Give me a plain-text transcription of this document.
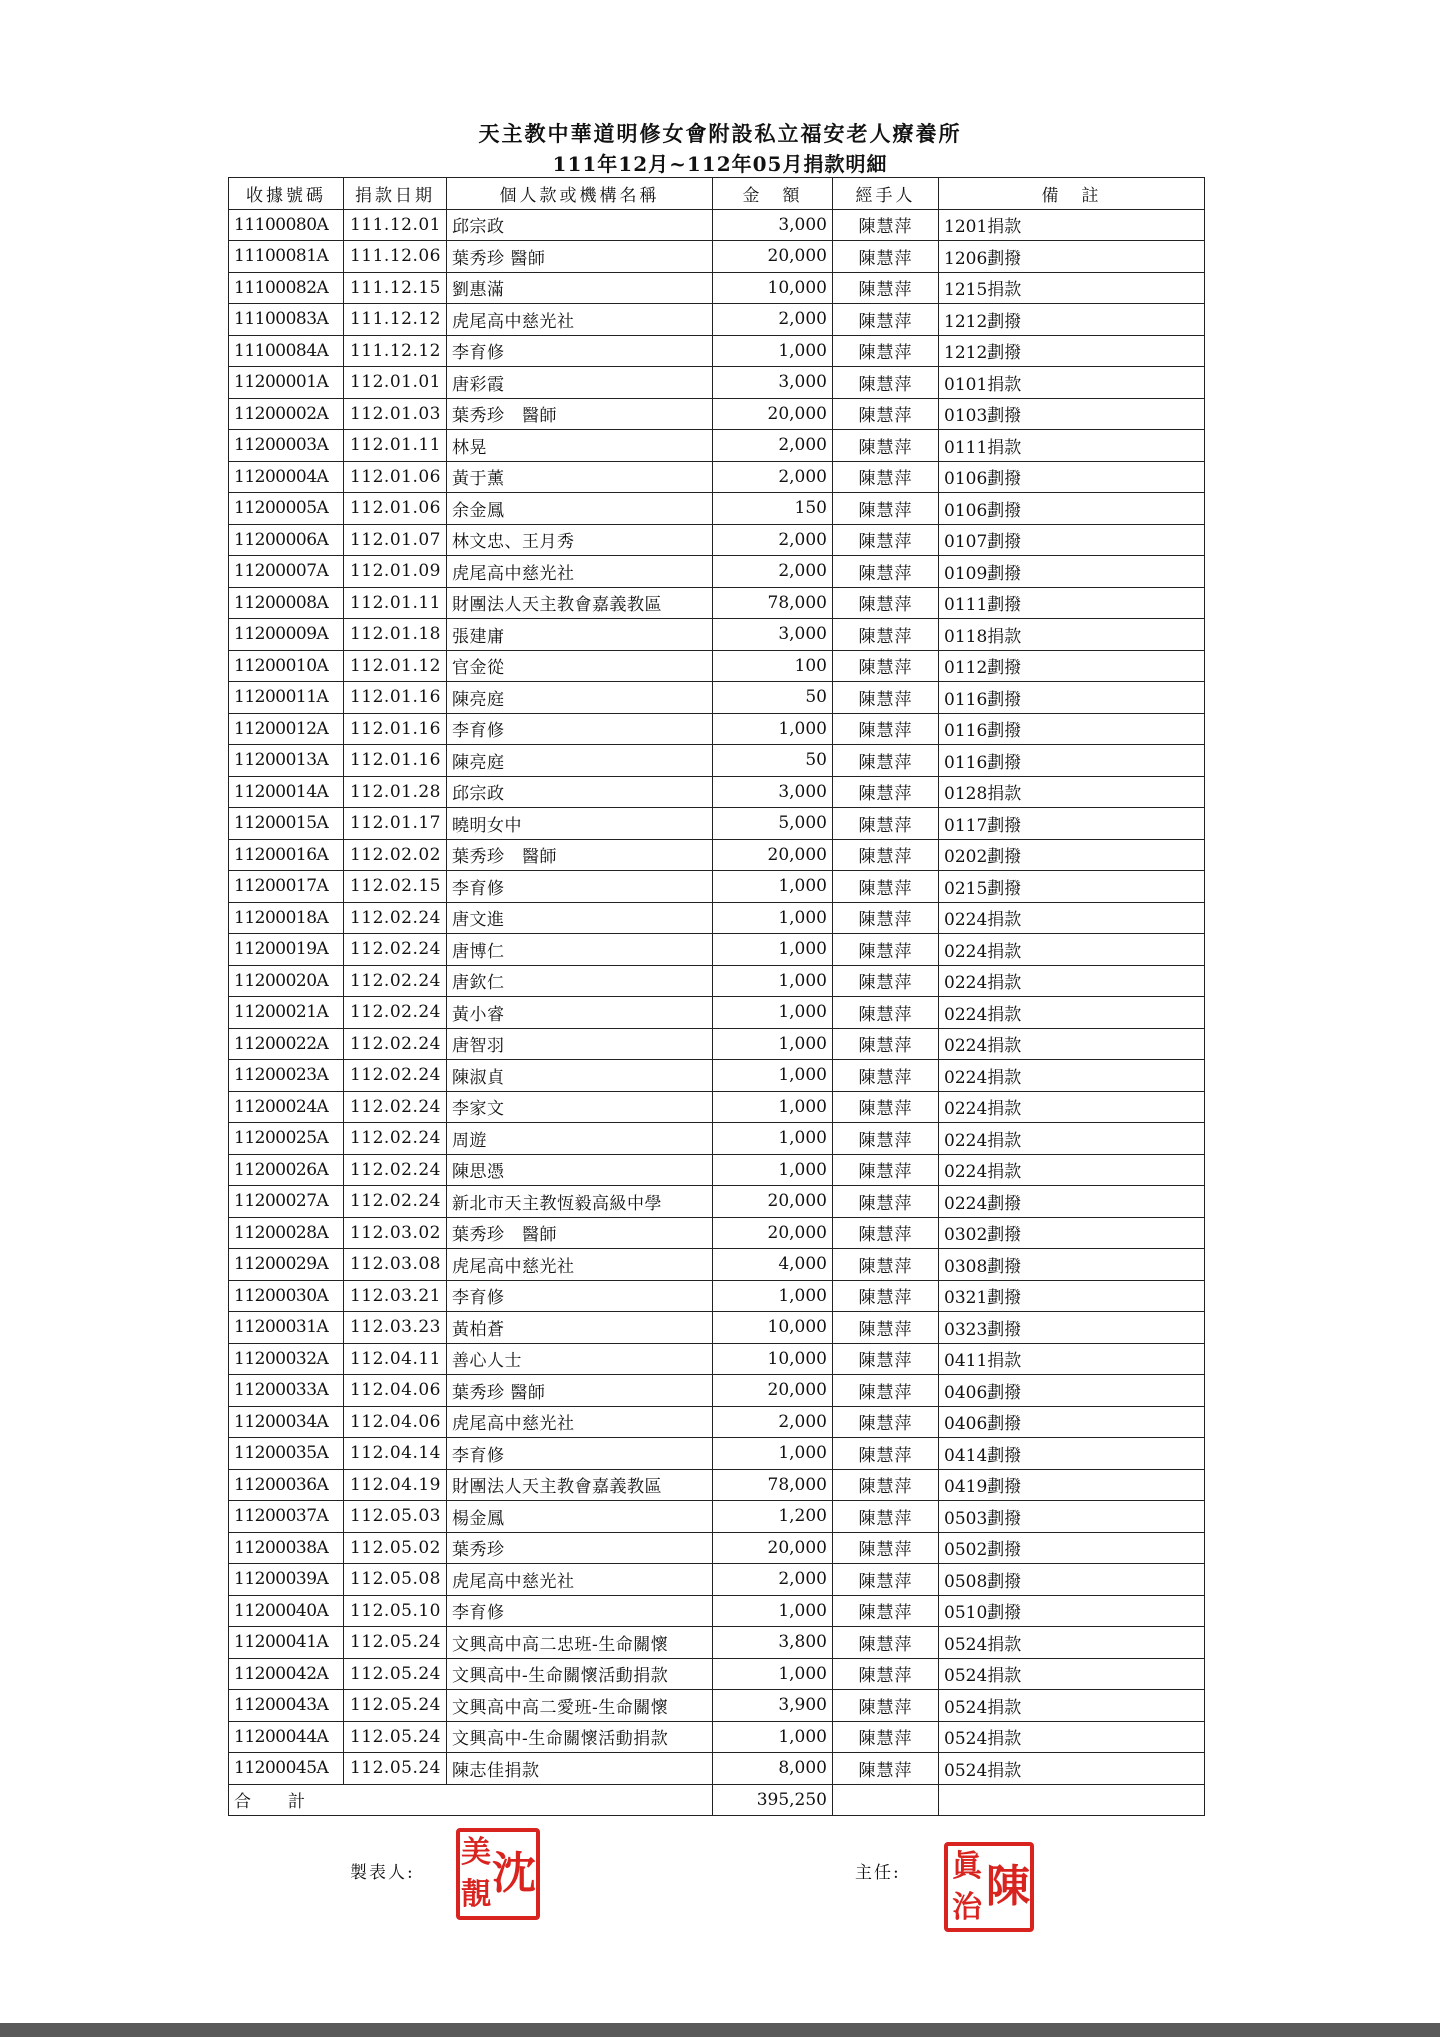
天主教中華道明修女會附設私立福安老人療養所
111年12月~112年05月捐款明細
收據號碼	捐款日期	個人款或機構名稱	金　額	經手人	備　註
11100080A	111.12.01	邱宗政	3,000	陳慧萍	1201捐款
11100081A	111.12.06	葉秀珍 醫師	20,000	陳慧萍	1206劃撥
11100082A	111.12.15	劉惠滿	10,000	陳慧萍	1215捐款
11100083A	111.12.12	虎尾高中慈光社	2,000	陳慧萍	1212劃撥
11100084A	111.12.12	李育修	1,000	陳慧萍	1212劃撥
11200001A	112.01.01	唐彩霞	3,000	陳慧萍	0101捐款
11200002A	112.01.03	葉秀珍　醫師	20,000	陳慧萍	0103劃撥
11200003A	112.01.11	林晃	2,000	陳慧萍	0111捐款
11200004A	112.01.06	黃于薰	2,000	陳慧萍	0106劃撥
11200005A	112.01.06	余金鳳	150	陳慧萍	0106劃撥
11200006A	112.01.07	林文忠、王月秀	2,000	陳慧萍	0107劃撥
11200007A	112.01.09	虎尾高中慈光社	2,000	陳慧萍	0109劃撥
11200008A	112.01.11	財團法人天主教會嘉義教區	78,000	陳慧萍	0111劃撥
11200009A	112.01.18	張建庸	3,000	陳慧萍	0118捐款
11200010A	112.01.12	官金從	100	陳慧萍	0112劃撥
11200011A	112.01.16	陳亮庭	50	陳慧萍	0116劃撥
11200012A	112.01.16	李育修	1,000	陳慧萍	0116劃撥
11200013A	112.01.16	陳亮庭	50	陳慧萍	0116劃撥
11200014A	112.01.28	邱宗政	3,000	陳慧萍	0128捐款
11200015A	112.01.17	曉明女中	5,000	陳慧萍	0117劃撥
11200016A	112.02.02	葉秀珍　醫師	20,000	陳慧萍	0202劃撥
11200017A	112.02.15	李育修	1,000	陳慧萍	0215劃撥
11200018A	112.02.24	唐文進	1,000	陳慧萍	0224捐款
11200019A	112.02.24	唐博仁	1,000	陳慧萍	0224捐款
11200020A	112.02.24	唐欽仁	1,000	陳慧萍	0224捐款
11200021A	112.02.24	黃小睿	1,000	陳慧萍	0224捐款
11200022A	112.02.24	唐智羽	1,000	陳慧萍	0224捐款
11200023A	112.02.24	陳淑貞	1,000	陳慧萍	0224捐款
11200024A	112.02.24	李家文	1,000	陳慧萍	0224捐款
11200025A	112.02.24	周遊	1,000	陳慧萍	0224捐款
11200026A	112.02.24	陳思憑	1,000	陳慧萍	0224捐款
11200027A	112.02.24	新北市天主教恆毅高級中學	20,000	陳慧萍	0224劃撥
11200028A	112.03.02	葉秀珍　醫師	20,000	陳慧萍	0302劃撥
11200029A	112.03.08	虎尾高中慈光社	4,000	陳慧萍	0308劃撥
11200030A	112.03.21	李育修	1,000	陳慧萍	0321劃撥
11200031A	112.03.23	黃柏蒼	10,000	陳慧萍	0323劃撥
11200032A	112.04.11	善心人士	10,000	陳慧萍	0411捐款
11200033A	112.04.06	葉秀珍 醫師	20,000	陳慧萍	0406劃撥
11200034A	112.04.06	虎尾高中慈光社	2,000	陳慧萍	0406劃撥
11200035A	112.04.14	李育修	1,000	陳慧萍	0414劃撥
11200036A	112.04.19	財團法人天主教會嘉義教區	78,000	陳慧萍	0419劃撥
11200037A	112.05.03	楊金鳳	1,200	陳慧萍	0503劃撥
11200038A	112.05.02	葉秀珍	20,000	陳慧萍	0502劃撥
11200039A	112.05.08	虎尾高中慈光社	2,000	陳慧萍	0508劃撥
11200040A	112.05.10	李育修	1,000	陳慧萍	0510劃撥
11200041A	112.05.24	文興高中高二忠班-生命關懷	3,800	陳慧萍	0524捐款
11200042A	112.05.24	文興高中-生命關懷活動捐款	1,000	陳慧萍	0524捐款
11200043A	112.05.24	文興高中高二愛班-生命關懷	3,900	陳慧萍	0524捐款
11200044A	112.05.24	文興高中-生命關懷活動捐款	1,000	陳慧萍	0524捐款
11200045A	112.05.24	陳志佳捐款	8,000	陳慧萍	0524捐款
合　計			395,250		
製表人:
美 沈
靚
主任: 眞 陳
治
